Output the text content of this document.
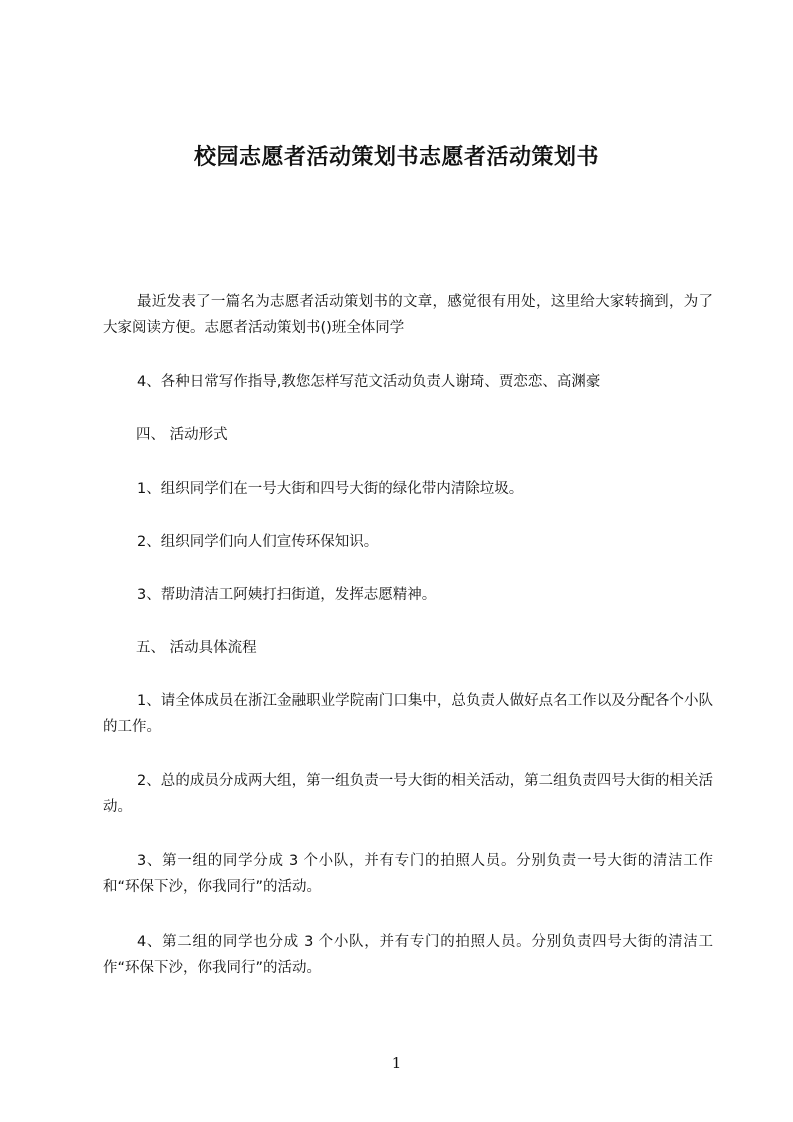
校园志愿者活动策划书志愿者活动策划书

最近发表了一篇名为志愿者活动策划书的文章，感觉很有用处，这里给大家转摘到，为了大家阅读方便。志愿者活动策划书()班全体同学

4、各种日常写作指导,教您怎样写范文活动负责人谢琦、贾恋恋、高渊豪

四、 活动形式

1、组织同学们在一号大街和四号大街的绿化带内清除垃圾。

2、组织同学们向人们宣传环保知识。

3、帮助清洁工阿姨打扫街道，发挥志愿精神。

五、 活动具体流程

1、请全体成员在浙江金融职业学院南门口集中，总负责人做好点名工作以及分配各个小队的工作。

2、总的成员分成两大组，第一组负责一号大街的相关活动，第二组负责四号大街的相关活动。

3、第一组的同学分成 3 个小队，并有专门的拍照人员。分别负责一号大街的清洁工作和“环保下沙，你我同行”的活动。

4、第二组的同学也分成 3 个小队，并有专门的拍照人员。分别负责四号大街的清洁工作“环保下沙，你我同行”的活动。

1
